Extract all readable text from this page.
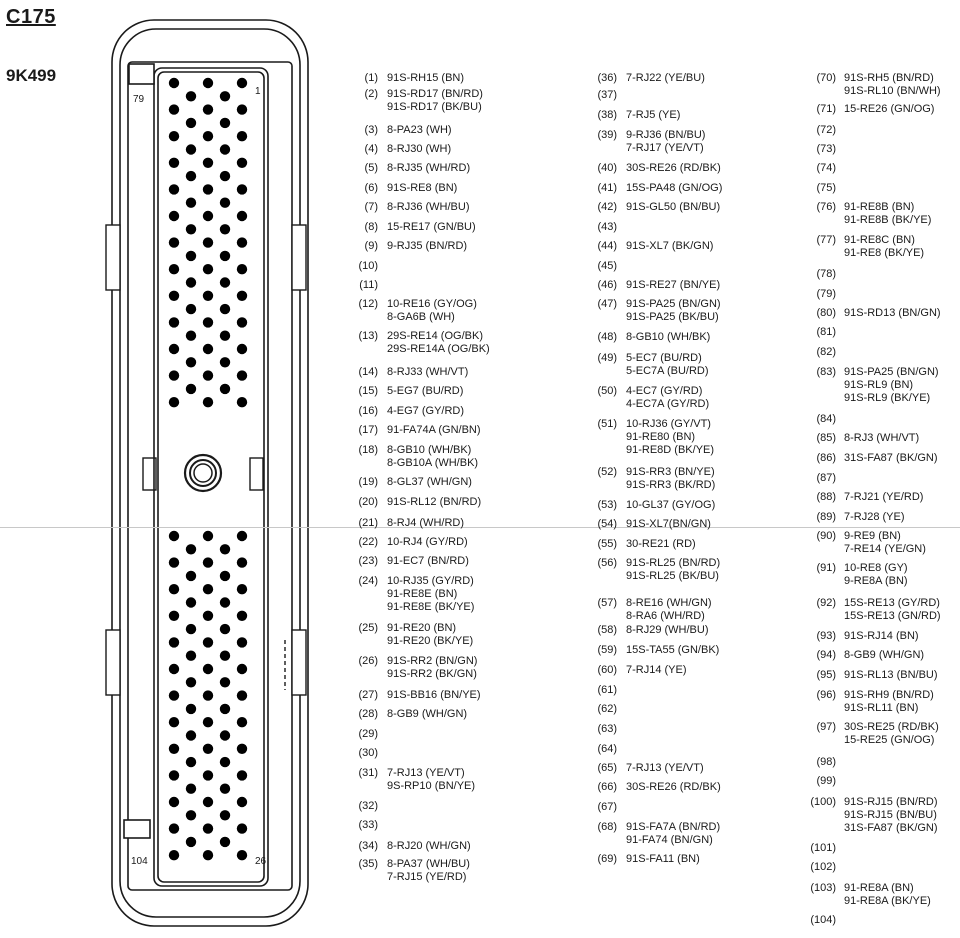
C175
9K499
79
1
104	26
(1) 91S-RH15 (BN)
(2) 91S-RD17 (BN/RD)
91S-RD17 (BK/BU)
(3) 8-PA23 (WH)
(4) 8-RJ30 (WH)
(5) 8-RJ35 (WH/RD)
(6) 91S-RE8 (BN)
(7) 8-RJ36 (WH/BU)
(8) 15-RE17 (GN/BU)
(9) 9-RJ35 (BN/RD)
(10)
(11)
(12) 10-RE16 (GY/OG)
8-GA6B (WH)
(13) 29S-RE14 (OG/BK)
29S-RE14A (OG/BK)
(14) 8-RJ33 (WH/VT)
(15) 5-EG7 (BU/RD)
(16) 4-EG7 (GY/RD)
(17) 91-FA74A (GN/BN)
(18) 8-GB10 (WH/BK)
8-GB10A (WH/BK)
(19) 8-GL37 (WH/GN)
(20) 91S-RL12 (BN/RD)
(21) 8-RJ4 (WH/RD)
(22) 10-RJ4 (GY/RD)
(23) 91-EC7 (BN/RD)
(24) 10-RJ35 (GY/RD)
91-RE8E (BN)
91-RE8E (BK/YE)
(25) 91-RE20 (BN)
91-RE20 (BK/YE)
(26) 91S-RR2 (BN/GN)
91S-RR2 (BK/GN)
(27) 91S-BB16 (BN/YE)
(28) 8-GB9 (WH/GN)
(29)
(30)
(31) 7-RJ13 (YE/VT)
9S-RP10 (BN/YE)
(32)
(33)
(34) 8-RJ20 (WH/GN)
(35) 8-PA37 (WH/BU)
7-RJ15 (YE/RD)
(36) 7-RJ22 (YE/BU)
(37)
(38) 7-RJ5 (YE)
(39) 9-RJ36 (BN/BU)
7-RJ17 (YE/VT)
(40) 30S-RE26 (RD/BK)
(41) 15S-PA48 (GN/OG)
(42) 91S-GL50 (BN/BU)
(43)
(44) 91S-XL7 (BK/GN)
(45)
(46) 91S-RE27 (BN/YE)
(47) 91S-PA25 (BN/GN)
91S-PA25 (BK/BU)
(48) 8-GB10 (WH/BK)
(49) 5-EC7 (BU/RD)
5-EC7A (BU/RD)
(50) 4-EC7 (GY/RD)
4-EC7A (GY/RD)
(51) 10-RJ36 (GY/VT)
91-RE80 (BN)
91-RE8D (BK/YE)
(52) 91S-RR3 (BN/YE)
91S-RR3 (BK/RD)
(53) 10-GL37 (GY/OG)
(54) 91S-XL7(BN/GN)
(55) 30-RE21 (RD)
(56) 91S-RL25 (BN/RD)
91S-RL25 (BK/BU)
(57) 8-RE16 (WH/GN)
8-RA6 (WH/RD)
(58) 8-RJ29 (WH/BU)
(59) 15S-TA55 (GN/BK)
(60) 7-RJ14 (YE)
(61)
(62)
(63)
(64)
(65) 7-RJ13 (YE/VT)
(66) 30S-RE26 (RD/BK)
(67)
(68) 91S-FA7A (BN/RD)
91-FA74 (BN/GN)
(69) 91S-FA11 (BN)
(70) 91S-RH5 (BN/RD)
91S-RL10 (BN/WH)
(71) 15-RE26 (GN/OG)
(72)
(73)
(74)
(75)
(76) 91-RE8B (BN)
91-RE8B (BK/YE)
(77) 91-RE8C (BN)
91-RE8 (BK/YE)
(78)
(79)
(80) 91S-RD13 (BN/GN)
(81)
(82)
(83) 91S-PA25 (BN/GN)
91S-RL9 (BN)
91S-RL9 (BK/YE)
(84)
(85) 8-RJ3 (WH/VT)
(86) 31S-FA87 (BK/GN)
(87)
(88) 7-RJ21 (YE/RD)
(89) 7-RJ28 (YE)
(90) 9-RE9 (BN)
7-RE14 (YE/GN)
(91) 10-RE8 (GY)
9-RE8A (BN)
(92) 15S-RE13 (GY/RD)
15S-RE13 (GN/RD)
(93) 91S-RJ14 (BN)
(94) 8-GB9 (WH/GN)
(95) 91S-RL13 (BN/BU)
(96) 91S-RH9 (BN/RD)
91S-RL11 (BN)
(97) 30S-RE25 (RD/BK)
15-RE25 (GN/OG)
(98)
(99)
(100) 91S-RJ15 (BN/RD)
91S-RJ15 (BN/BU)
31S-FA87 (BK/GN)
(101)
(102)
(103) 91-RE8A (BN)
91-RE8A (BK/YE)
(104)
